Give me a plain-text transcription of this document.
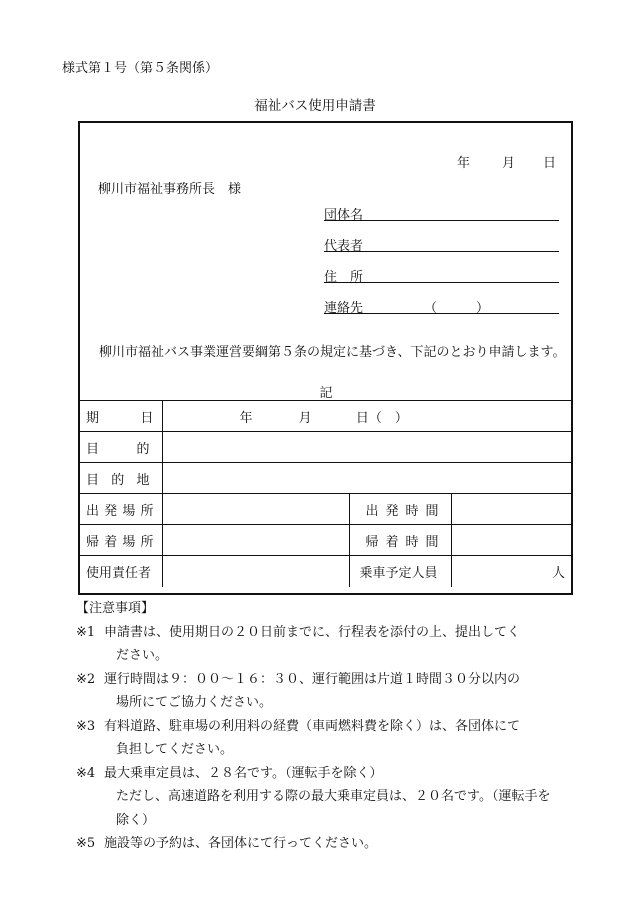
様式第１号（第５条関係）
福祉バス使用申請書
年 月 日
柳川市福祉事務所長　様
団体名
代表者
住　所
連絡先	（　　　）
柳川市福祉バス事業運営要綱第５条の規定に基づき、下記のとおり申請します。
記
期日	年 月 日（　）		
目的			
目的地			
出発場所		出発時間	
帰着場所		帰着時間	
使用責任者		乗車予定人員	人
【注意事項】
※1 申請書は、使用期日の２０日前までに、行程表を添付の上、提出してく
ださい。
※2 運行時間は９：００～１６：３０、運行範囲は片道１時間３０分以内の
場所にてご協力ください。
※3 有料道路、駐車場の利用料の経費（車両燃料費を除く）は、各団体にて
負担してください。
※4 最大乗車定員は、２８名です。（運転手を除く）
ただし、高速道路を利用する際の最大乗車定員は、２０名です。（運転手を
除く）
※5 施設等の予約は、各団体にて行ってください。
